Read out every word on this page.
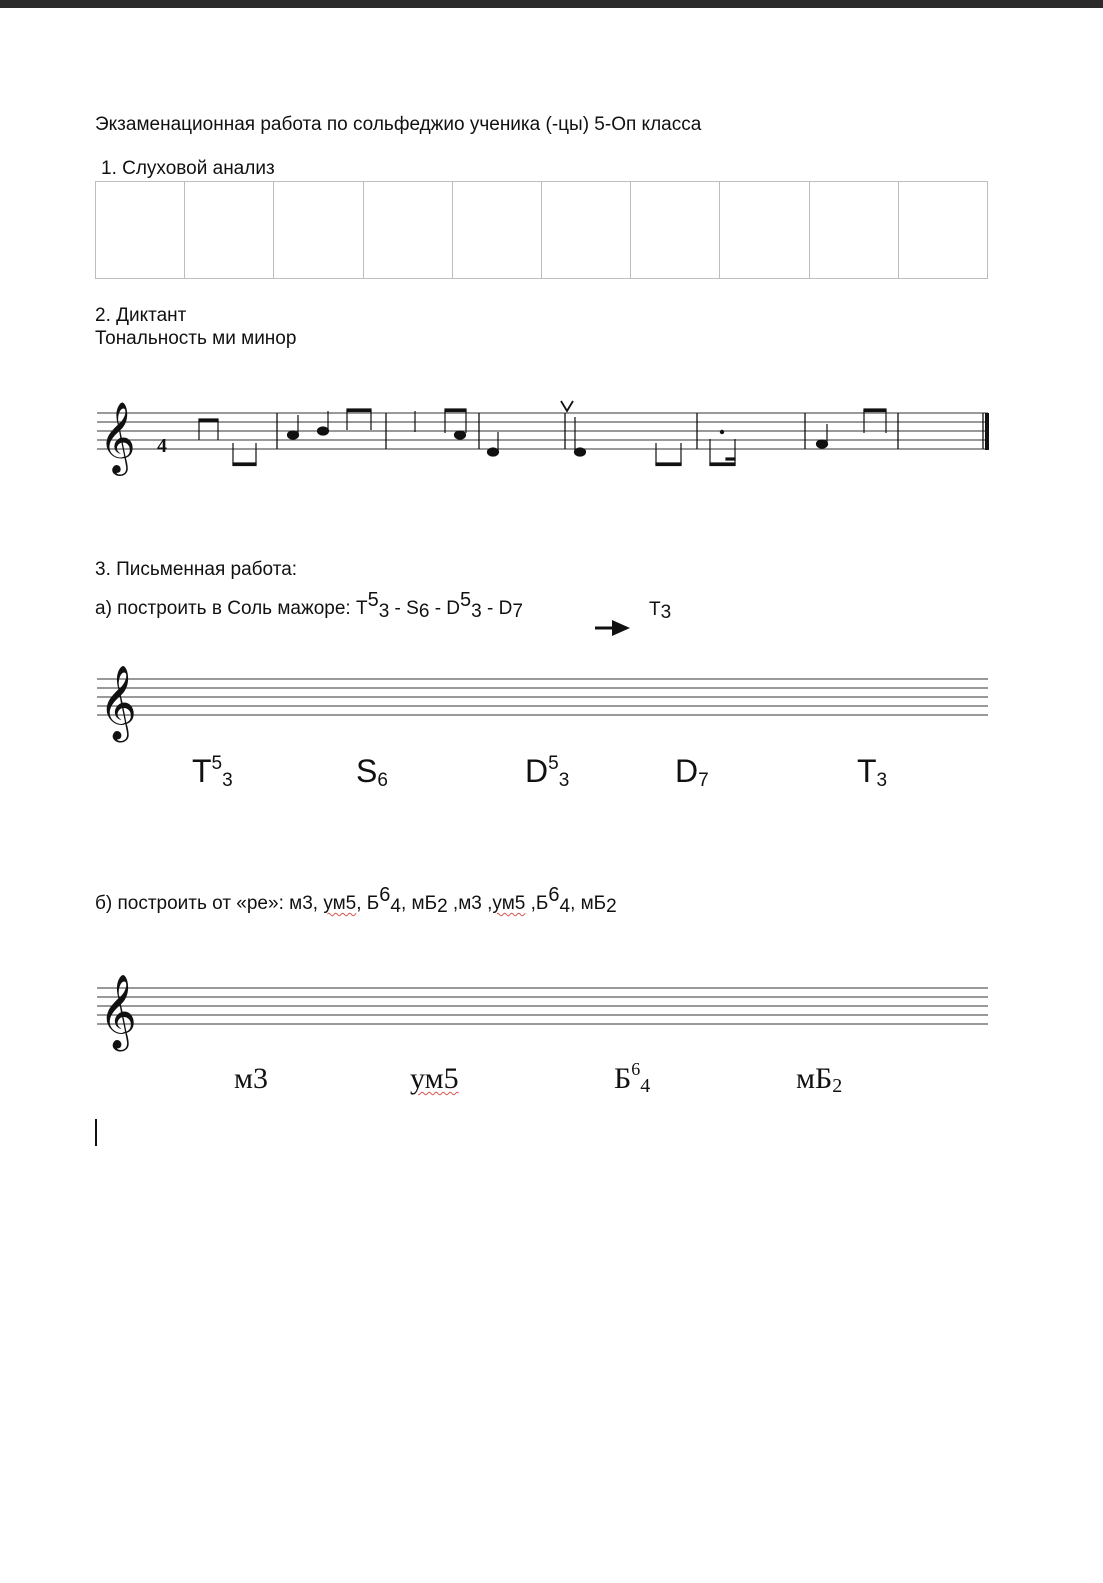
Экзаменационная работа по сольфеджио ученика (-цы) 5-Оп класса
1. Слуховой анализ
2. Диктант
Тональность ми минор
𝄞 4
3. Письменная работа:
а) построить в Соль мажоре: $Т^5_3 - S_6 - D^5_3 - D_7$	$Т_3$
𝄞
$Т^5_3$	$S_6$	$D^5_3$	$D_7$	$Т_3$
б) построить от «ре»: м3, ум5, $Б^6_4$, $мБ_2$ ,м3 ,ум5 $,Б^6_4$, $мБ_2$
𝄞
м3	ум5	$Б^6_4$	$мБ_2$
